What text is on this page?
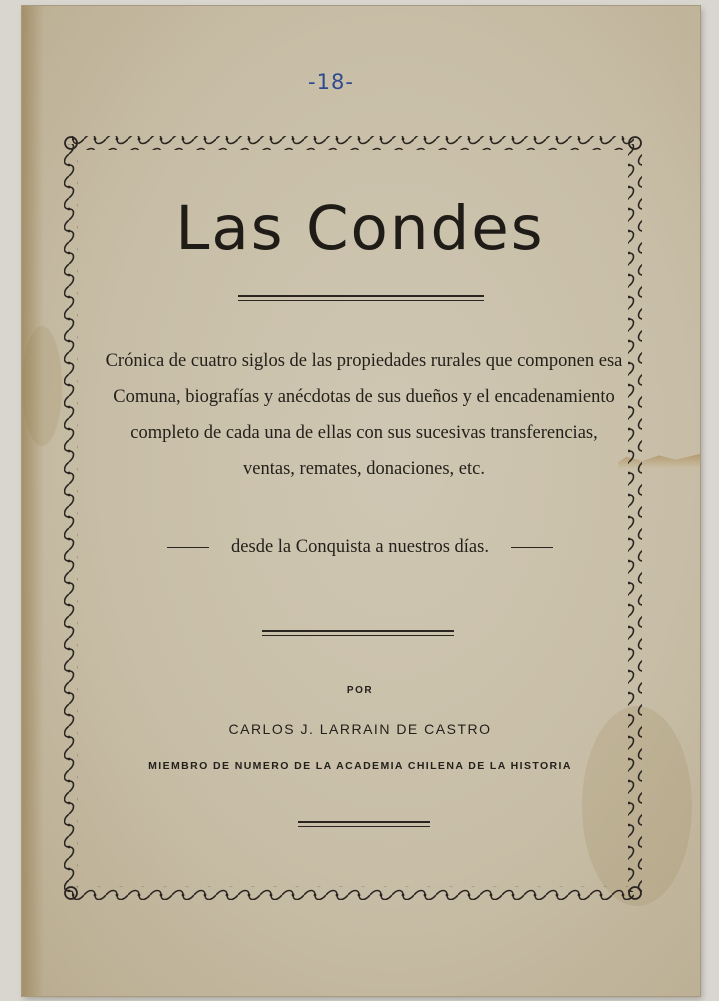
-18-
Las Condes

Crónica de cuatro siglos de las propiedades rurales que componen esa Comuna, biografías y anécdotas de sus dueños y el encadenamiento completo de cada una de ellas con sus sucesivas transferencias, ventas, remates, donaciones, etc.

desde la Conquista a nuestros días.

POR

CARLOS J. LARRAIN DE CASTRO

MIEMBRO DE NUMERO DE LA ACADEMIA CHILENA DE LA HISTORIA
